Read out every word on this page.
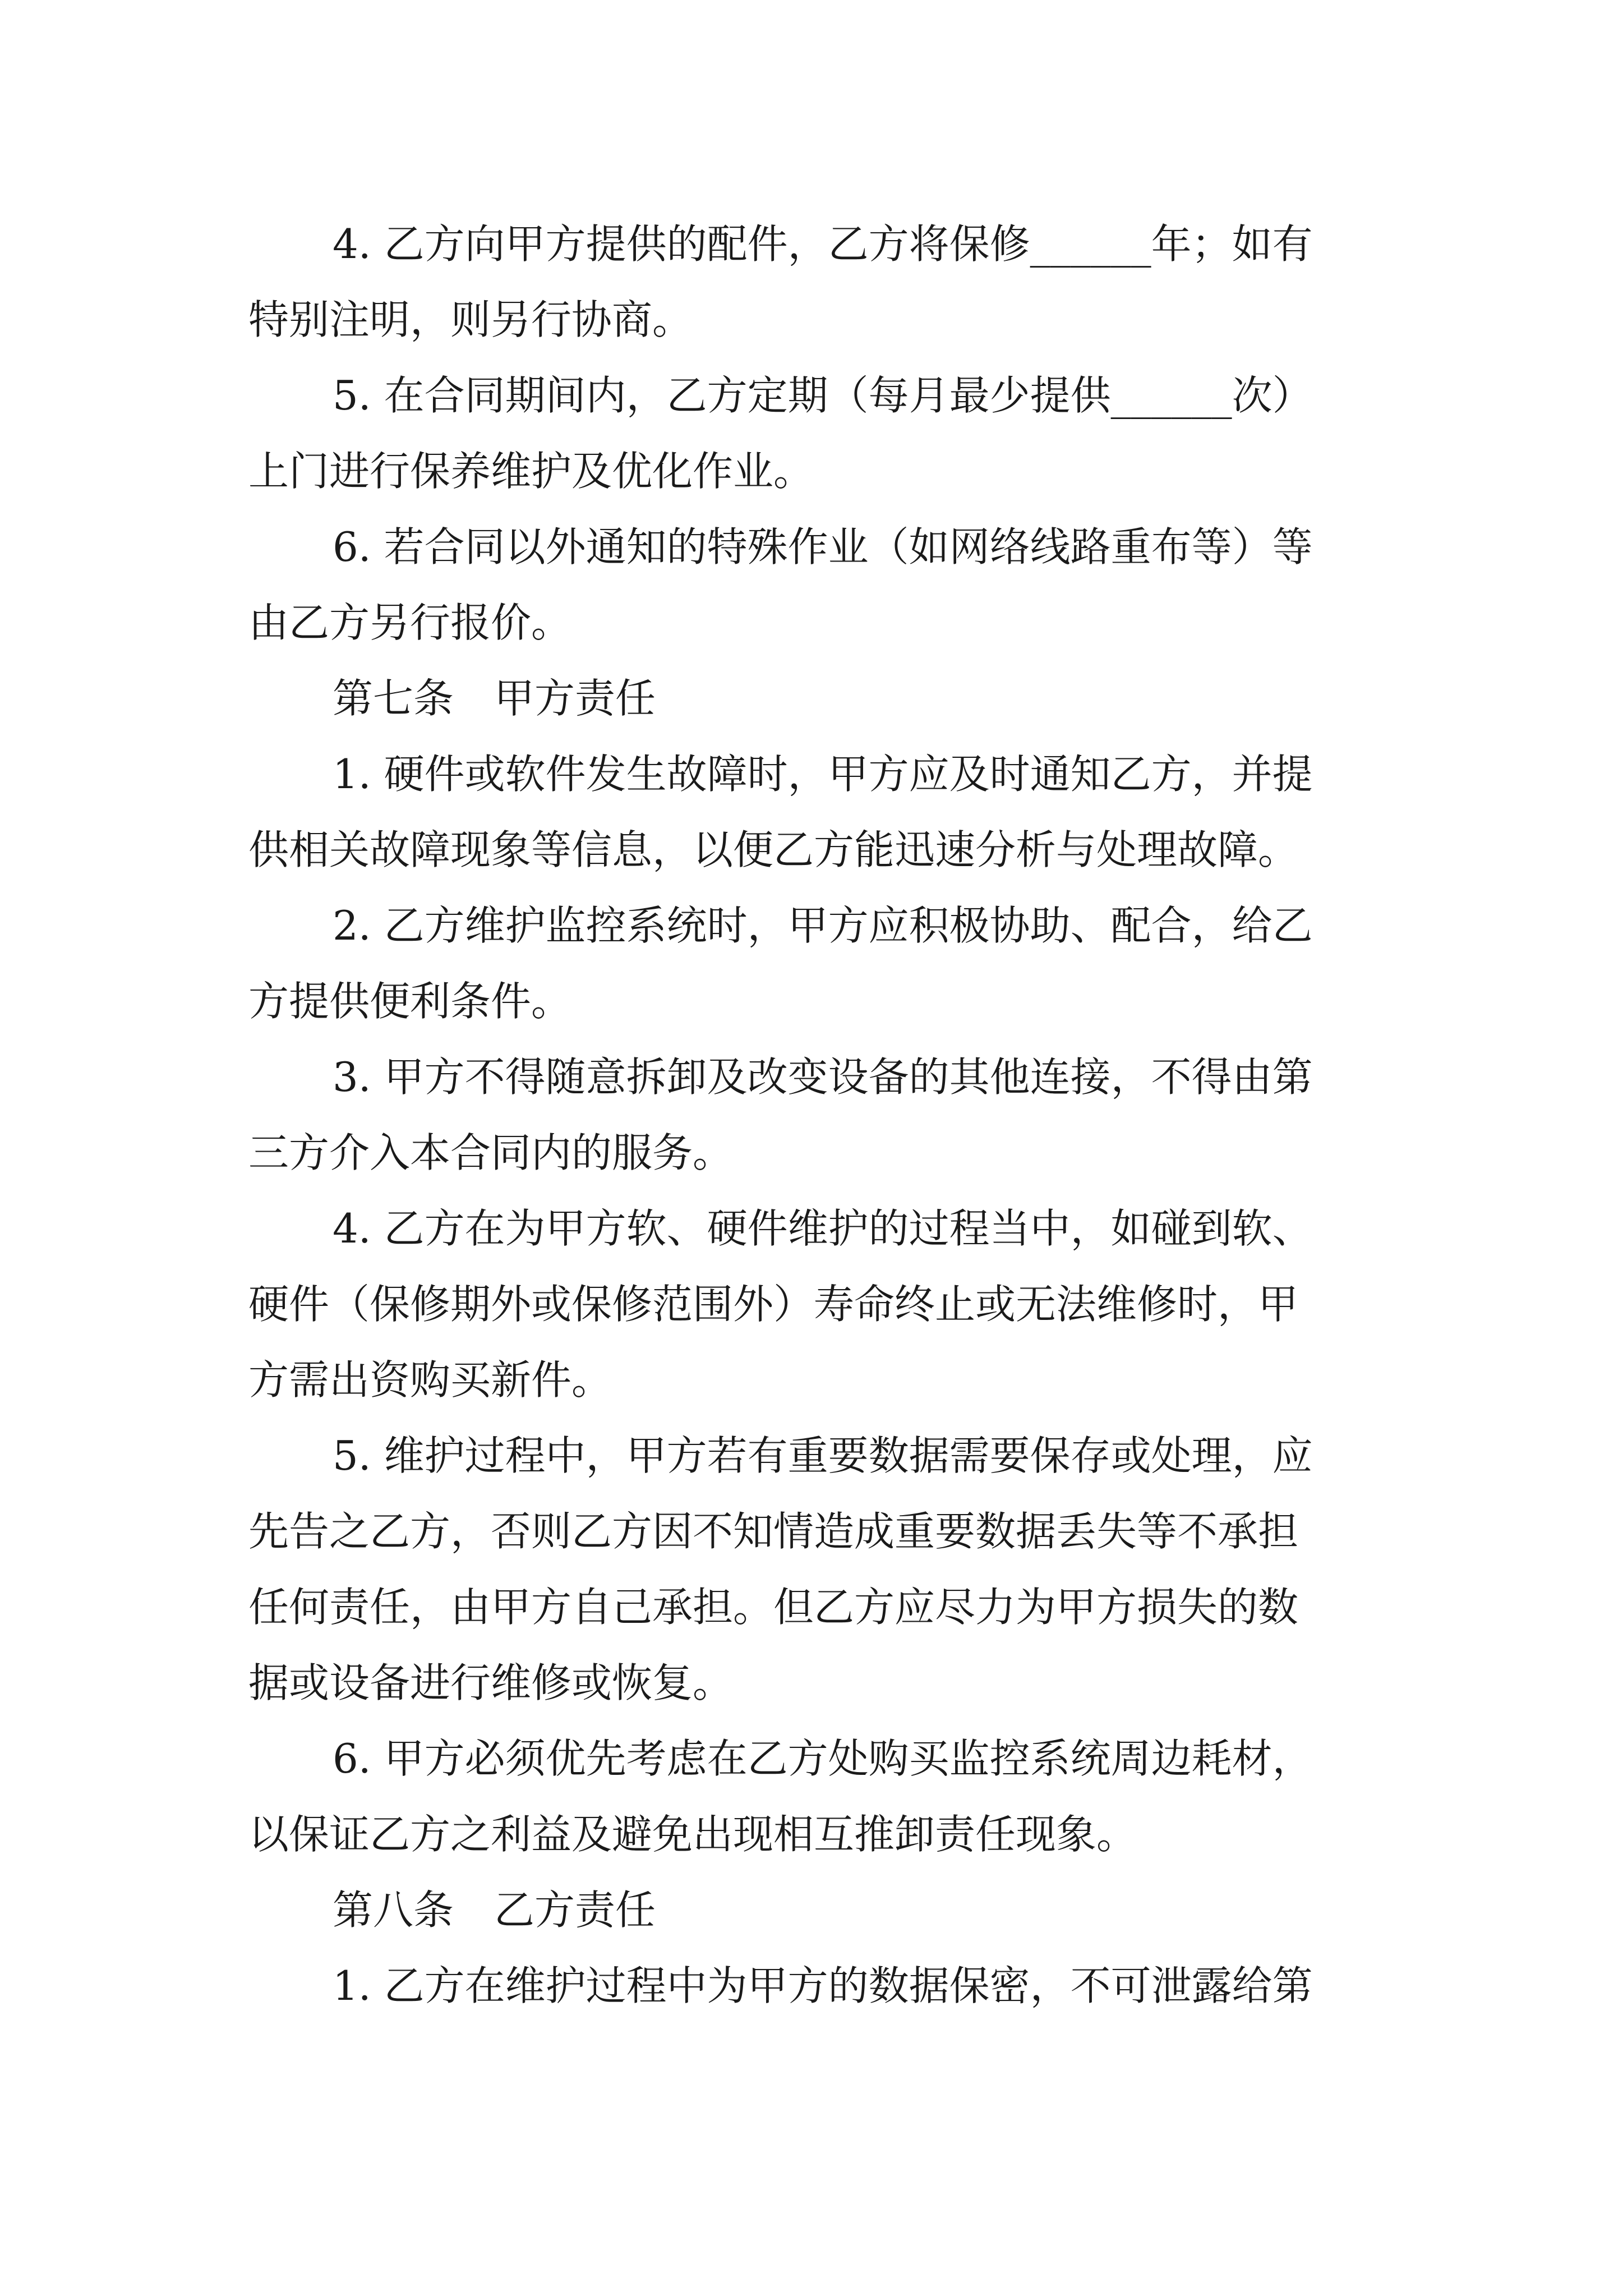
4. 乙方向甲方提供的配件，乙方将保修______年；如有

特别注明，则另行协商。

5. 在合同期间内，乙方定期（每月最少提供______次）

上门进行保养维护及优化作业。

6. 若合同以外通知的特殊作业（如网络线路重布等）等

由乙方另行报价。

第七条　甲方责任

1. 硬件或软件发生故障时，甲方应及时通知乙方，并提

供相关故障现象等信息，以便乙方能迅速分析与处理故障。

2. 乙方维护监控系统时，甲方应积极协助、配合，给乙

方提供便利条件。

3. 甲方不得随意拆卸及改变设备的其他连接，不得由第

三方介入本合同内的服务。

4. 乙方在为甲方软、硬件维护的过程当中，如碰到软、

硬件（保修期外或保修范围外）寿命终止或无法维修时，甲

方需出资购买新件。

5. 维护过程中，甲方若有重要数据需要保存或处理，应

先告之乙方，否则乙方因不知情造成重要数据丢失等不承担

任何责任，由甲方自己承担。但乙方应尽力为甲方损失的数

据或设备进行维修或恢复。

6. 甲方必须优先考虑在乙方处购买监控系统周边耗材，

以保证乙方之利益及避免出现相互推卸责任现象。

第八条　乙方责任

1. 乙方在维护过程中为甲方的数据保密，不可泄露给第
